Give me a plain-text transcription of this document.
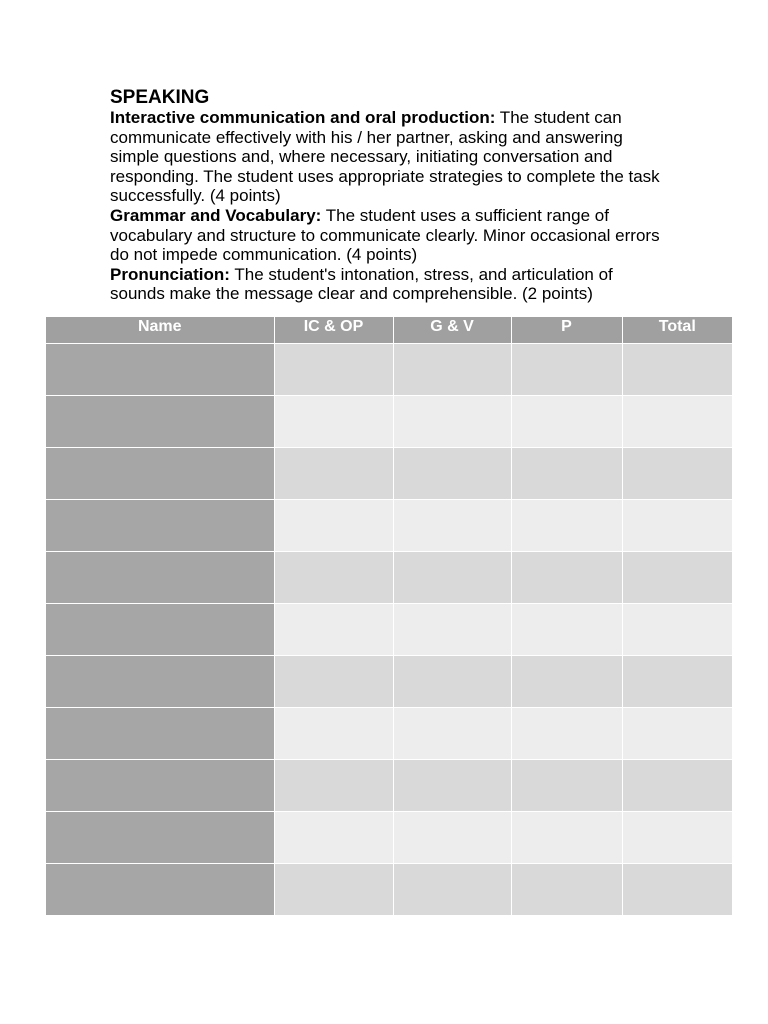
SPEAKING

Interactive communication and oral production: The student can communicate effectively with his / her partner, asking and answering simple questions and, where necessary, initiating conversation and responding. The student uses appropriate strategies to complete the task successfully. (4 points)

Grammar and Vocabulary: The student uses a sufficient range of vocabulary and structure to communicate clearly. Minor occasional errors do not impede communication. (4 points)

Pronunciation: The student's intonation, stress, and articulation of sounds make the message clear and comprehensible. (2 points)

Name	IC & OP	G & V	P	Total
